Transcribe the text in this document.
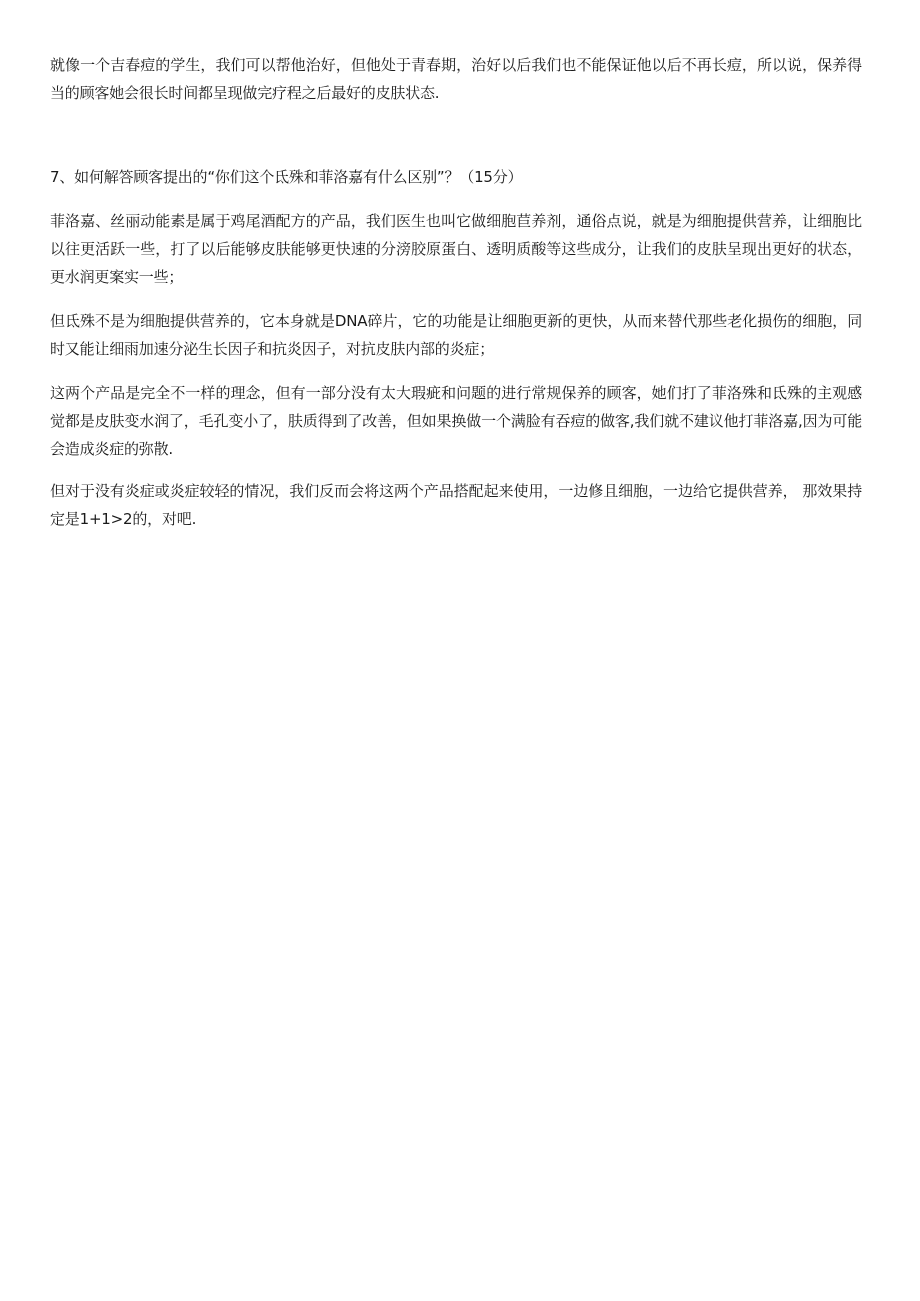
就像一个吉春痘的学生，我们可以帮他治好，但他处于青春期，治好以后我们也不能保证他以后不再长痘，所以说，保养得当的顾客她会很长时间都呈现做完疗程之后最好的皮肤状态.

7、如何解答顾客提出的“你们这个氐殊和菲洛嘉有什么区别”？（15分）

菲洛嘉、丝丽动能素是属于鸡尾酒配方的产品，我们医生也叫它做细胞苣养剂，通俗点说，就是为细胞提供营养，让细胞比以往更活跃一些，打了以后能够皮肤能够更快速的分滂胶原蛋白、透明质酸等这些成分，让我们的皮肤呈现出更好的状态，更水润更案实一些；

但氐殊不是为细胞提供营养的，它本身就是DNA碎片，它的功能是让细胞更新的更快，从而来替代那些老化损伤的细胞，同时又能让细雨加速分泌生长因子和抗炎因子，对抗皮肤内部的炎症；

这两个产品是完全不一样的理念，但有一部分没有太大瑕疵和问题的进行常规保养的顾客，她们打了菲洛殊和氐殊的主观感觉都是皮肤变水润了，毛孔变小了，肤质得到了改善，但如果换做一个满脸有吞痘的做客,我们就不建议他打菲洛嘉,因为可能会造成炎症的弥散.

但对于没有炎症或炎症较轻的情况，我们反而会将这两个产品搭配起来使用，一边修且细胞，一边给它提供营养， 那效果持定是1+1>2的，对吧.
